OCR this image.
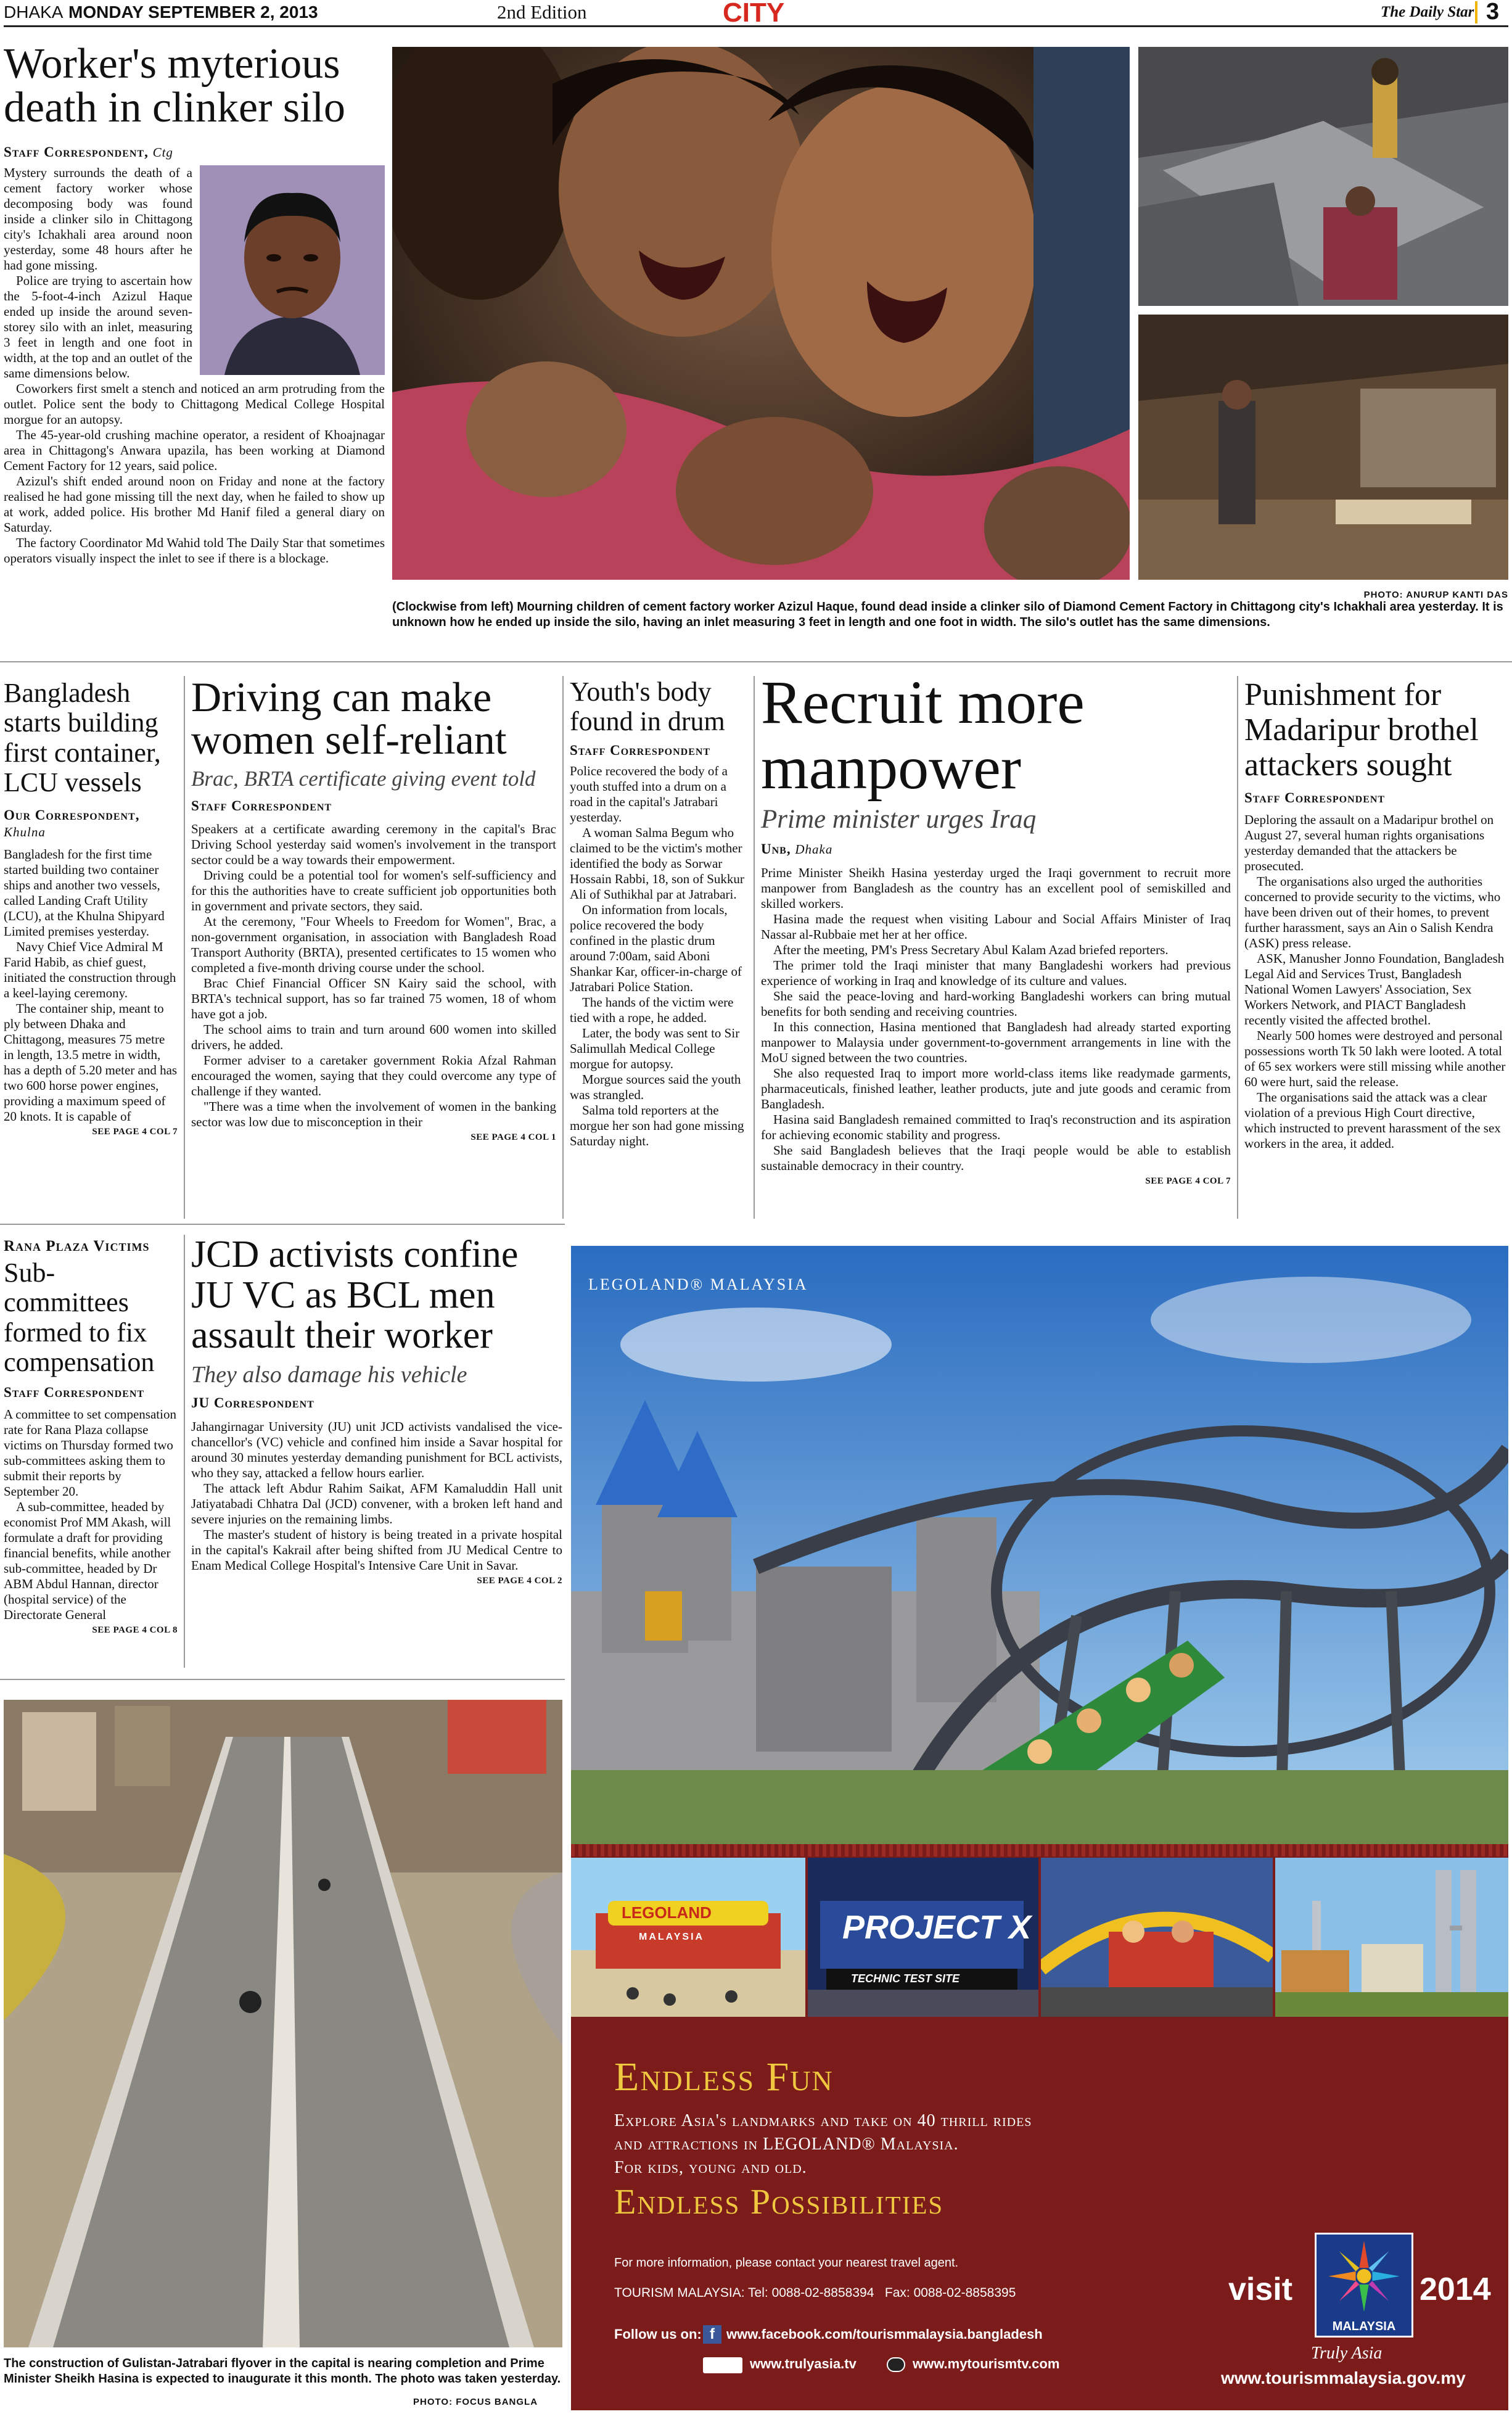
DHAKA MONDAY SEPTEMBER 2, 2013	2nd Edition	CITY	The Daily Star 3
Worker's myterious death in clinker silo
Staff Correspondent, Ctg

Mystery surrounds the death of a cement factory worker whose decomposing body was found inside a clinker silo in Chittagong city's Ichakhali area around noon yesterday, some 48 hours after he had gone missing.

Police are trying to ascertain how the 5-foot-4-inch Azizul Haque ended up inside the around seven-storey silo with an inlet, measuring 3 feet in length and one foot in width, at the top and an outlet of the same dimensions below.

Coworkers first smelt a stench and noticed an arm protruding from the outlet. Police sent the body to Chittagong Medical College Hospital morgue for an autopsy.

The 45-year-old crushing machine operator, a resident of Khoajnagar area in Chittagong's Anwara upazila, has been working at Diamond Cement Factory for 12 years, said police.

Azizul's shift ended around noon on Friday and none at the factory realised he had gone missing till the next day, when he failed to show up at work, added police. His brother Md Hanif filed a general diary on Saturday.

The factory Coordinator Md Wahid told The Daily Star that sometimes operators visually inspect the inlet to see if there is a blockage.

PHOTO: ANURUP KANTI DAS
(Clockwise from left) Mourning children of cement factory worker Azizul Haque, found dead inside a clinker silo of Diamond Cement Factory in Chittagong city's Ichakhali area yesterday. It is unknown how he ended up inside the silo, having an inlet measuring 3 feet in length and one foot in width. The silo's outlet has the same dimensions.
Bangladesh starts building first container, LCU vessels
Our Correspondent, Khulna

Bangladesh for the first time started building two container ships and another two vessels, called Landing Craft Utility (LCU), at the Khulna Shipyard Limited premises yesterday.

Navy Chief Vice Admiral M Farid Habib, as chief guest, initiated the construction through a keel-laying ceremony.

The container ship, meant to ply between Dhaka and Chittagong, measures 75 metre in length, 13.5 metre in width, has a depth of 5.20 meter and has two 600 horse power engines, providing a maximum speed of 20 knots. It is capable of

SEE PAGE 4 COL 7
Driving can make women self-reliant
Brac, BRTA certificate giving event told
Staff Correspondent

Speakers at a certificate awarding ceremony in the capital's Brac Driving School yesterday said women's involvement in the transport sector could be a way towards their empowerment.

Driving could be a potential tool for women's self-sufficiency and for this the authorities have to create sufficient job opportunities both in government and private sectors, they said.

At the ceremony, "Four Wheels to Freedom for Women", Brac, a non-government organisation, in association with Bangladesh Road Transport Authority (BRTA), presented certificates to 15 women who completed a five-month driving course under the school.

Brac Chief Financial Officer SN Kairy said the school, with BRTA's technical support, has so far trained 75 women, 18 of whom have got a job.

The school aims to train and turn around 600 women into skilled drivers, he added.

Former adviser to a caretaker government Rokia Afzal Rahman encouraged the women, saying that they could overcome any type of challenge if they wanted.

"There was a time when the involvement of women in the banking sector was low due to misconception in their

SEE PAGE 4 COL 1
Youth's body found in drum
Staff Correspondent

Police recovered the body of a youth stuffed into a drum on a road in the capital's Jatrabari yesterday.

A woman Salma Begum who claimed to be the victim's mother identified the body as Sorwar Hossain Rabbi, 18, son of Sukkur Ali of Suthikhal par at Jatrabari.

On information from locals, police recovered the body confined in the plastic drum around 7:00am, said Aboni Shankar Kar, officer-in-charge of Jatrabari Police Station.

The hands of the victim were tied with a rope, he added.

Later, the body was sent to Sir Salimullah Medical College morgue for autopsy.

Morgue sources said the youth was strangled.

Salma told reporters at the morgue her son had gone missing Saturday night.

Recruit more manpower
Prime minister urges Iraq
Unb, Dhaka

Prime Minister Sheikh Hasina yesterday urged the Iraqi government to recruit more manpower from Bangladesh as the country has an excellent pool of semiskilled and skilled workers.

Hasina made the request when visiting Labour and Social Affairs Minister of Iraq Nassar al-Rubbaie met her at her office.

After the meeting, PM's Press Secretary Abul Kalam Azad briefed reporters.

The primer told the Iraqi minister that many Bangladeshi workers had previous experience of working in Iraq and knowledge of its culture and values.

She said the peace-loving and hard-working Bangladeshi workers can bring mutual benefits for both sending and receiving countries.

In this connection, Hasina mentioned that Bangladesh had already started exporting manpower to Malaysia under government-to-government arrangements in line with the MoU signed between the two countries.

She also requested Iraq to import more world-class items like readymade garments, pharmaceuticals, finished leather, leather products, jute and jute goods and ceramic from Bangladesh.

Hasina said Bangladesh remained committed to Iraq's reconstruction and its aspiration for achieving economic stability and progress.

She said Bangladesh believes that the Iraqi people would be able to establish sustainable democracy in their country.

SEE PAGE 4 COL 7
Punishment for Madaripur brothel attackers sought
Staff Correspondent

Deploring the assault on a Madaripur brothel on August 27, several human rights organisations yesterday demanded that the attackers be prosecuted.

The organisations also urged the authorities concerned to provide security to the victims, who have been driven out of their homes, to prevent further harassment, says an Ain o Salish Kendra (ASK) press release.

ASK, Manusher Jonno Foundation, Bangladesh Legal Aid and Services Trust, Bangladesh National Women Lawyers' Association, Sex Workers Network, and PIACT Bangladesh recently visited the affected brothel.

Nearly 500 homes were destroyed and personal possessions worth Tk 50 lakh were looted. A total of 65 sex workers were still missing while another 60 were hurt, said the release.

The organisations said the attack was a clear violation of a previous High Court directive, which instructed to prevent harassment of the sex workers in the area, it added.

Rana Plaza Victims
Sub-committees formed to fix compensation
Staff Correspondent

A committee to set compensation rate for Rana Plaza collapse victims on Thursday formed two sub-committees asking them to submit their reports by September 20.

A sub-committee, headed by economist Prof MM Akash, will formulate a draft for providing financial benefits, while another sub-committee, headed by Dr ABM Abdul Hannan, director (hospital service) of the Directorate General

SEE PAGE 4 COL 8
JCD activists confine JU VC as BCL men assault their worker
They also damage his vehicle
JU Correspondent

Jahangirnagar University (JU) unit JCD activists vandalised the vice-chancellor's (VC) vehicle and confined him inside a Savar hospital for around 30 minutes yesterday demanding punishment for BCL activists, who they say, attacked a fellow hours earlier.

The attack left Abdur Rahim Saikat, AFM Kamaluddin Hall unit Jatiyatabadi Chhatra Dal (JCD) convener, with a broken left hand and severe injuries on the remaining limbs.

The master's student of history is being treated in a private hospital in the capital's Kakrail after being shifted from JU Medical Centre to Enam Medical College Hospital's Intensive Care Unit in Savar.

SEE PAGE 4 COL 2
The construction of Gulistan-Jatrabari flyover in the capital is nearing completion and Prime Minister Sheikh Hasina is expected to inaugurate it this month. The photo was taken yesterday.
PHOTO: FOCUS BANGLA
LEGOLAND® MALAYSIA
LEGOLAND
MALAYSIA	PROJECT X
TECHNIC TEST SITE
Endless Fun
Explore Asia's landmarks and take on 40 thrill rides
and attractions in LEGOLAND® Malaysia.
For kids, young and old.
Endless Possibilities
For more information, please contact your nearest travel agent.
TOURISM MALAYSIA: Tel: 0088-02-8858394   Fax: 0088-02-8858395
Follow us on: f www.facebook.com/tourismmalaysia.bangladesh
www.trulyasia.tv	www.mytourismtv.com
visit
MALAYSIA
2014
Truly Asia
www.tourismmalaysia.gov.my
